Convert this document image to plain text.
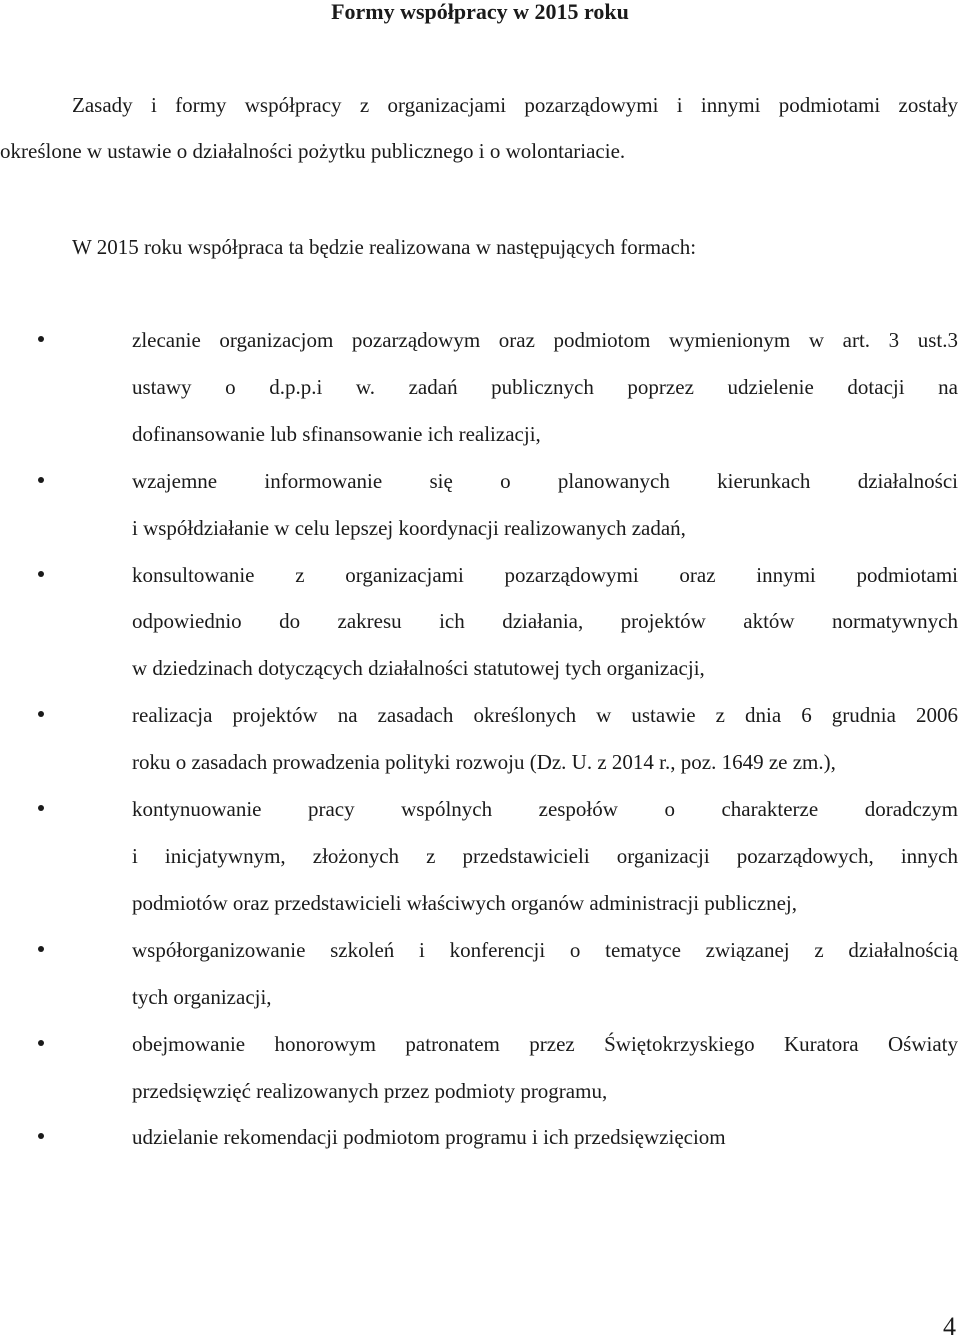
Formy współpracy w 2015 roku

Zasady i formy współpracy z organizacjami pozarządowymi i innymi podmiotami zostały
określone w ustawie o działalności pożytku publicznego i o wolontariacie.

W 2015 roku współpraca ta będzie realizowana w następujących formach:

zlecanie organizacjom pozarządowym oraz podmiotom wymienionym w art. 3 ust.3
ustawy o d.p.p.i w. zadań publicznych poprzez udzielenie dotacji na
dofinansowanie lub sfinansowanie ich realizacji,
wzajemne informowanie się o planowanych kierunkach działalności
i współdziałanie w celu lepszej koordynacji realizowanych zadań,
konsultowanie z organizacjami pozarządowymi oraz innymi podmiotami
odpowiednio do zakresu ich działania, projektów aktów normatywnych
w dziedzinach dotyczących działalności statutowej tych organizacji,
realizacja projektów na zasadach określonych w ustawie z dnia 6 grudnia 2006
roku o zasadach prowadzenia polityki rozwoju (Dz. U. z 2014 r., poz. 1649 ze zm.),
kontynuowanie pracy wspólnych zespołów o charakterze doradczym
i inicjatywnym, złożonych z przedstawicieli organizacji pozarządowych, innych
podmiotów oraz przedstawicieli właściwych organów administracji publicznej,
współorganizowanie szkoleń i konferencji o tematyce związanej z działalnością
tych organizacji,
obejmowanie honorowym patronatem przez Świętokrzyskiego Kuratora Oświaty
przedsięwzięć realizowanych przez podmioty programu,
udzielanie rekomendacji podmiotom programu i ich przedsięwzięciom

4
